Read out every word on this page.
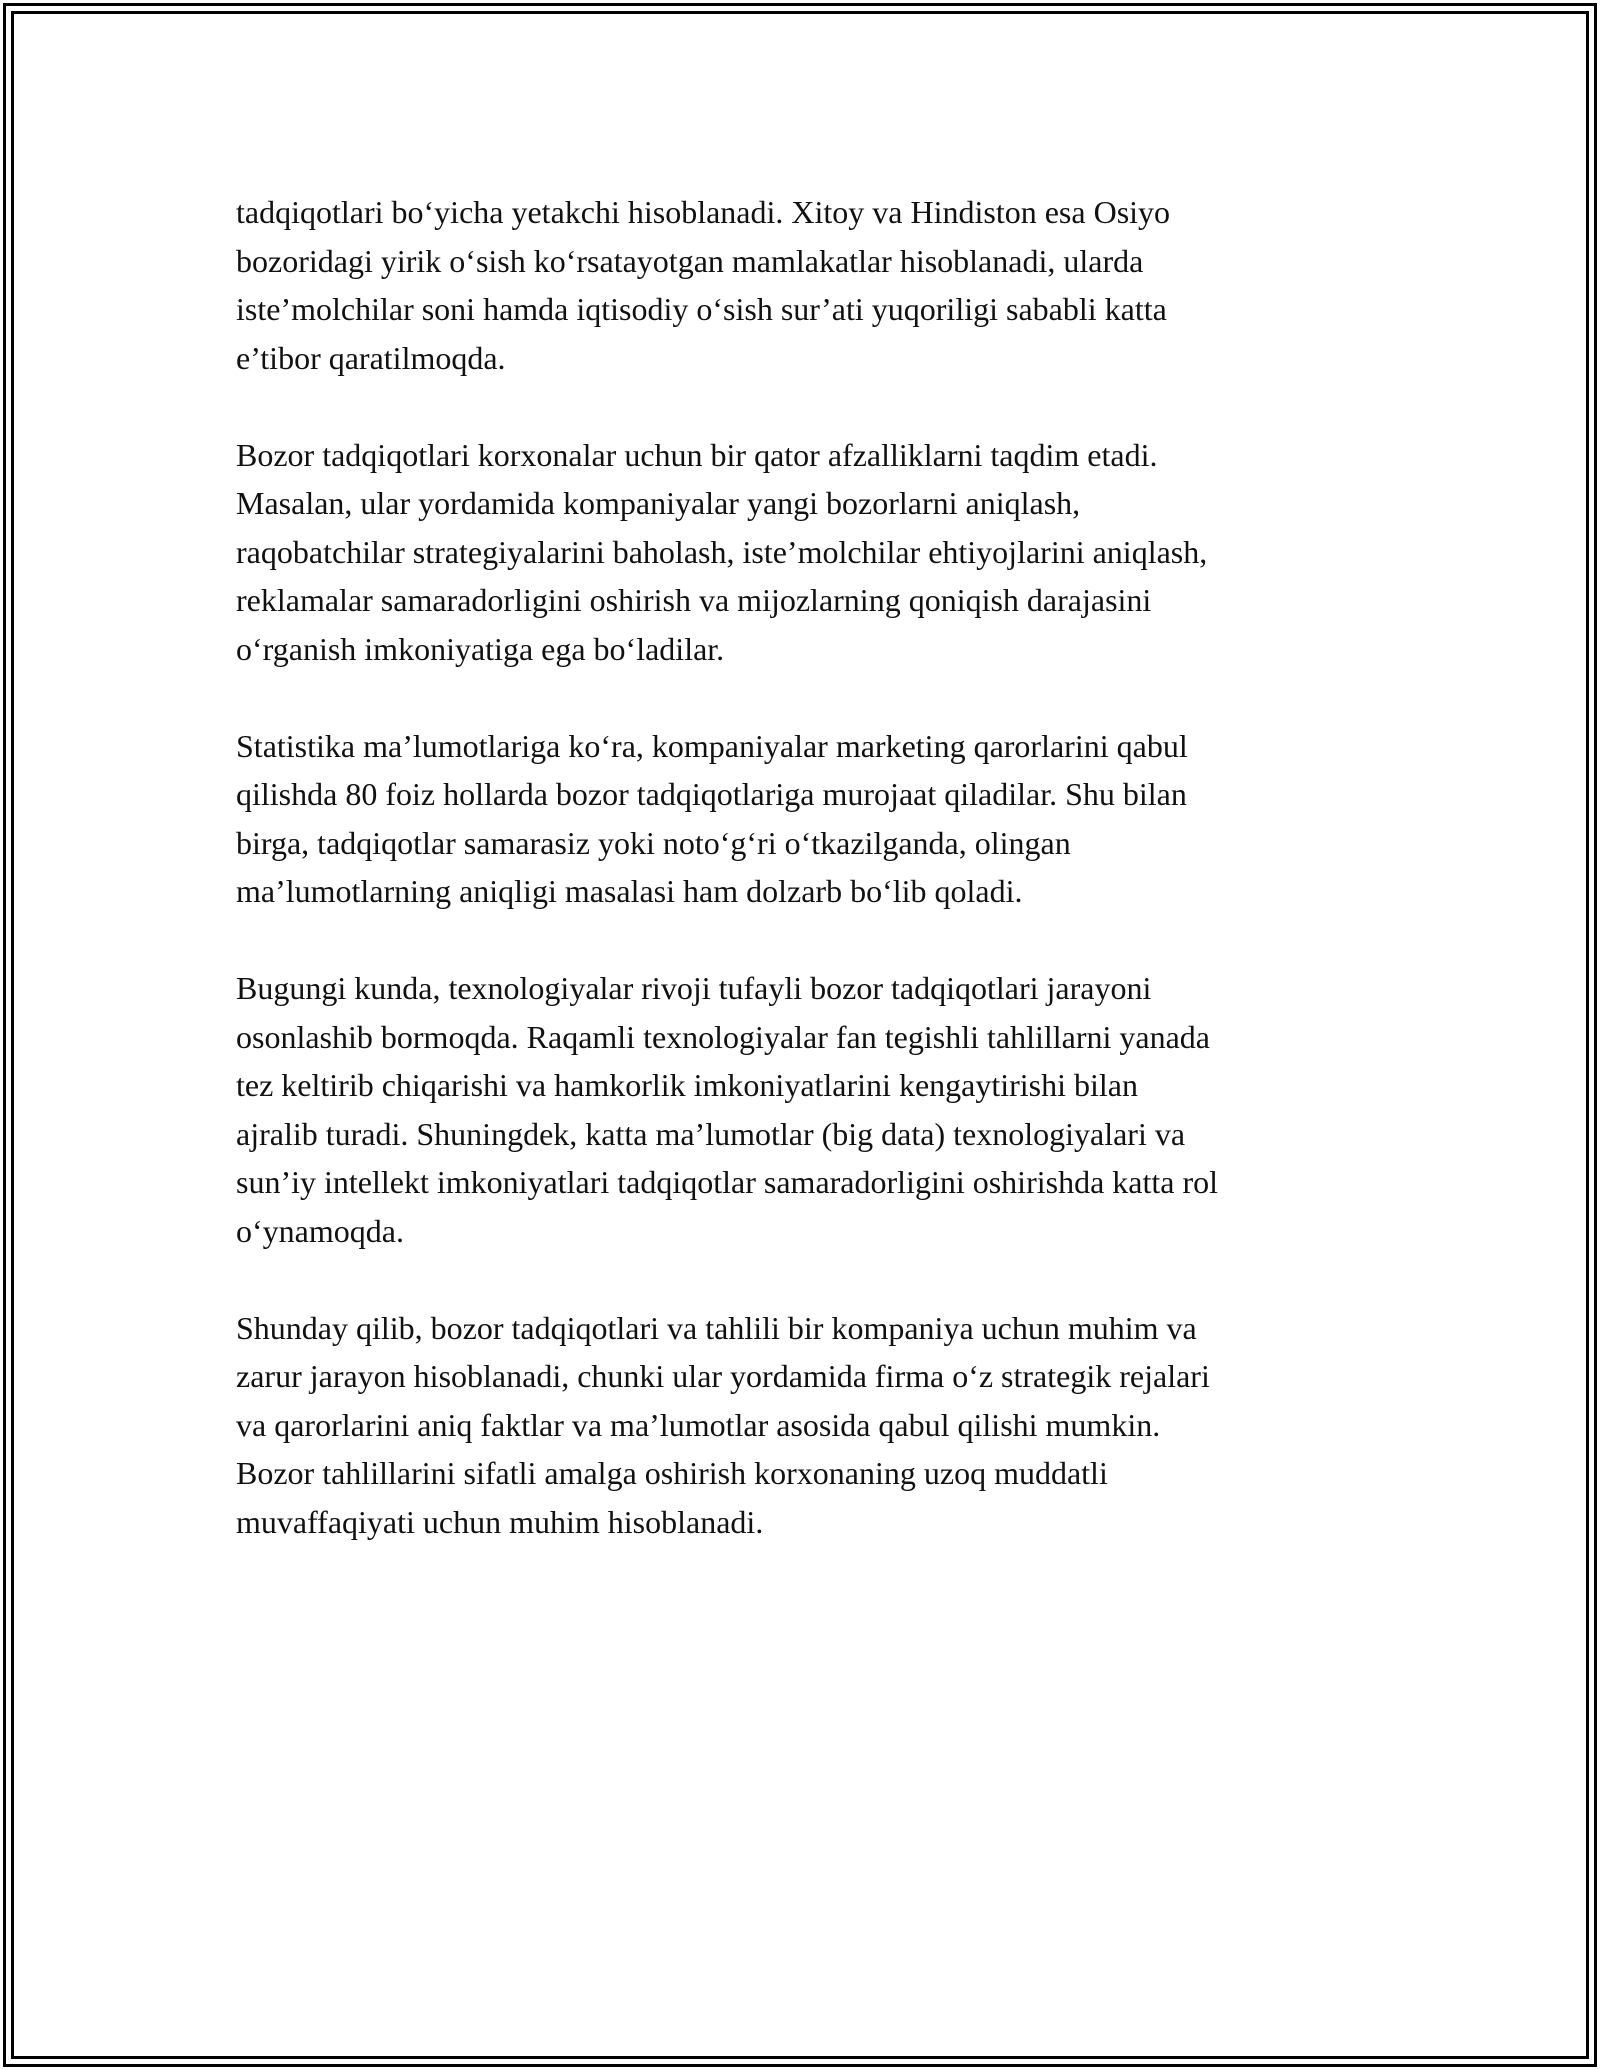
tadqiqotlari bo‘yicha yetakchi hisoblanadi. Xitoy va Hindiston esa Osiyo
bozoridagi yirik o‘sish ko‘rsatayotgan mamlakatlar hisoblanadi, ularda
iste’molchilar soni hamda iqtisodiy o‘sish sur’ati yuqoriligi sababli katta
e’tibor qaratilmoqda.

Bozor tadqiqotlari korxonalar uchun bir qator afzalliklarni taqdim etadi.
Masalan, ular yordamida kompaniyalar yangi bozorlarni aniqlash,
raqobatchilar strategiyalarini baholash, iste’molchilar ehtiyojlarini aniqlash,
reklamalar samaradorligini oshirish va mijozlarning qoniqish darajasini
o‘rganish imkoniyatiga ega bo‘ladilar.

Statistika ma’lumotlariga ko‘ra, kompaniyalar marketing qarorlarini qabul
qilishda 80 foiz hollarda bozor tadqiqotlariga murojaat qiladilar. Shu bilan
birga, tadqiqotlar samarasiz yoki noto‘g‘ri o‘tkazilganda, olingan
ma’lumotlarning aniqligi masalasi ham dolzarb bo‘lib qoladi.

Bugungi kunda, texnologiyalar rivoji tufayli bozor tadqiqotlari jarayoni
osonlashib bormoqda. Raqamli texnologiyalar fan tegishli tahlillarni yanada
tez keltirib chiqarishi va hamkorlik imkoniyatlarini kengaytirishi bilan
ajralib turadi. Shuningdek, katta ma’lumotlar (big data) texnologiyalari va
sun’iy intellekt imkoniyatlari tadqiqotlar samaradorligini oshirishda katta rol
o‘ynamoqda.

Shunday qilib, bozor tadqiqotlari va tahlili bir kompaniya uchun muhim va
zarur jarayon hisoblanadi, chunki ular yordamida firma o‘z strategik rejalari
va qarorlarini aniq faktlar va ma’lumotlar asosida qabul qilishi mumkin.
Bozor tahlillarini sifatli amalga oshirish korxonaning uzoq muddatli
muvaffaqiyati uchun muhim hisoblanadi.
